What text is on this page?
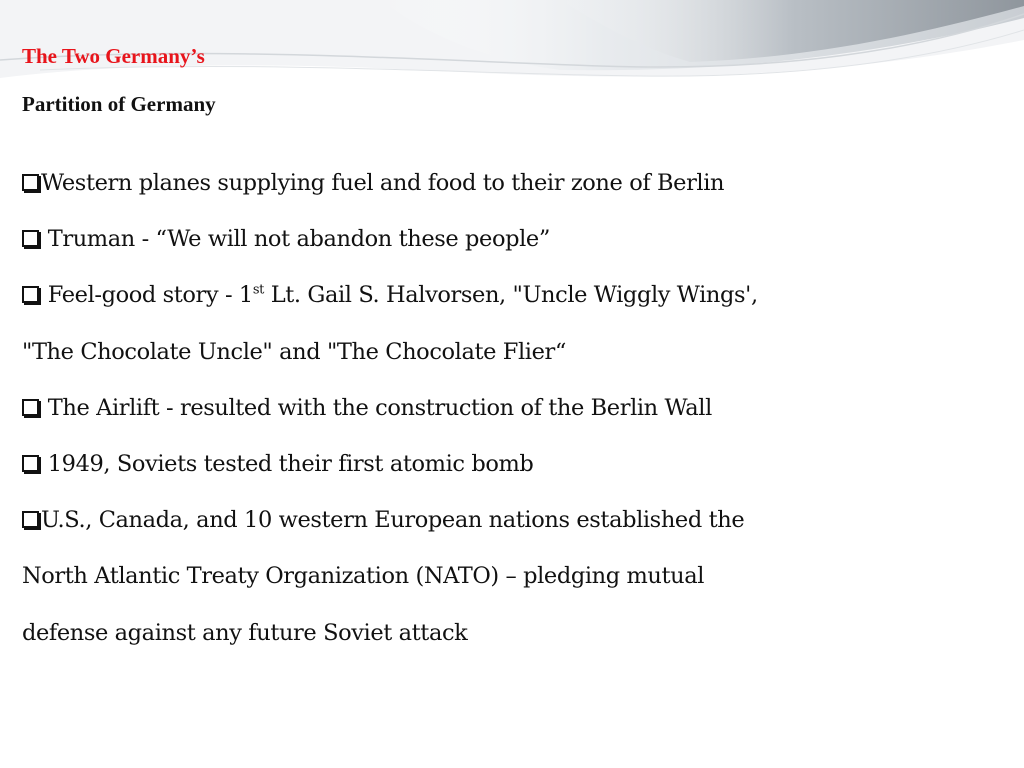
The Two Germany’s
Partition of Germany

Western planes supplying fuel and food to their zone of Berlin

Truman - “We will not abandon these people”

Feel-good story - 1st Lt. Gail S. Halvorsen, "Uncle Wiggly Wings',

"The Chocolate Uncle" and "The Chocolate Flier“

The Airlift - resulted with the construction of the Berlin Wall

1949, Soviets tested their first atomic bomb

U.S., Canada, and 10 western European nations established the

North Atlantic Treaty Organization (NATO) – pledging mutual

defense against any future Soviet attack
